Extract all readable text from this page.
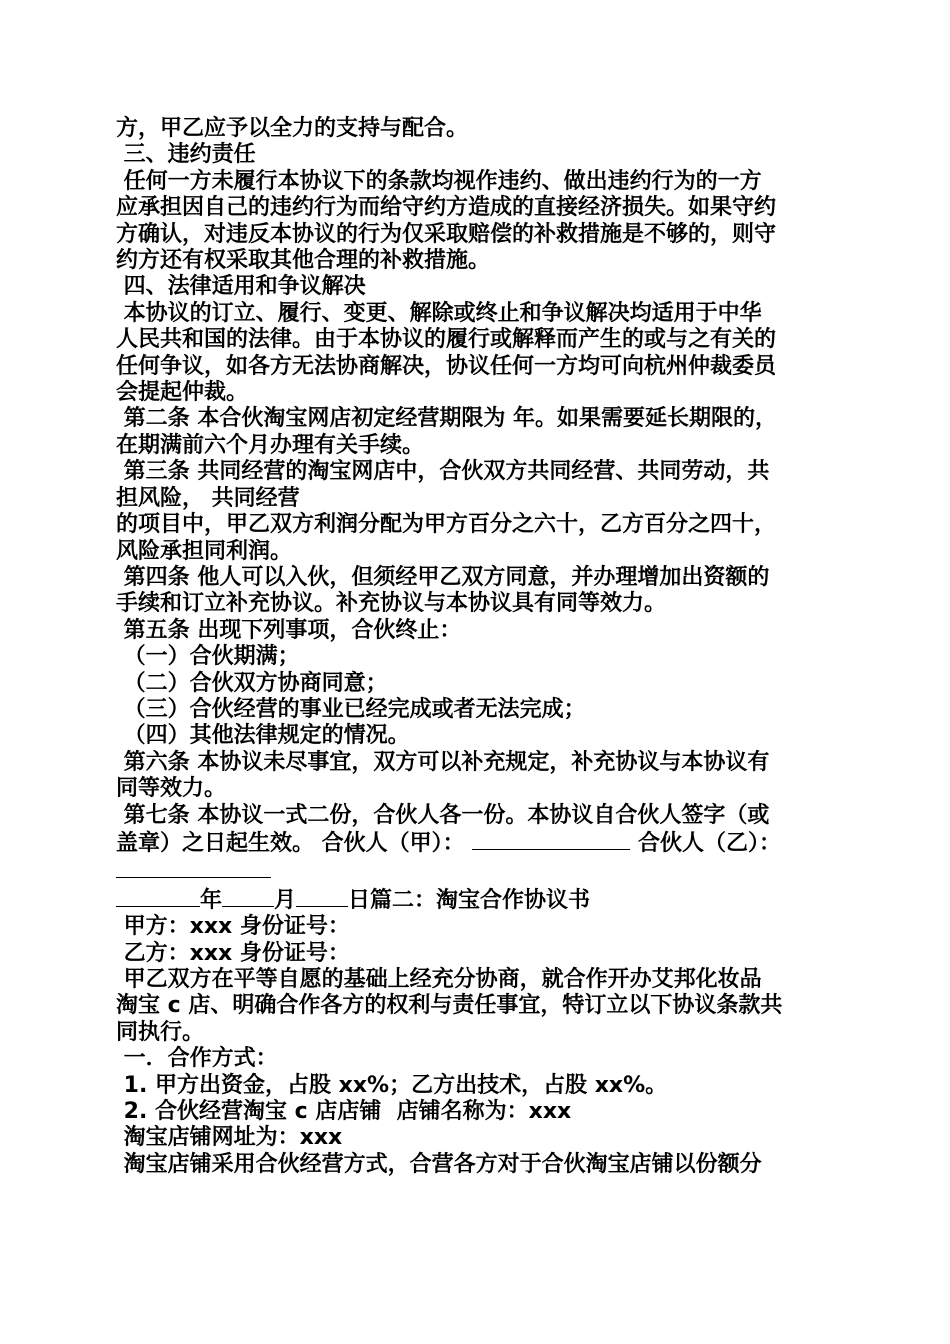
方，甲乙应予以全力的支持与配合。

三、违约责任

任何一方未履行本协议下的条款均视作违约、做出违约行为的一方

应承担因自己的违约行为而给守约方造成的直接经济损失。如果守约

方确认，对违反本协议的行为仅采取赔偿的补救措施是不够的，则守

约方还有权采取其他合理的补救措施。

四、法律适用和争议解决

本协议的订立、履行、变更、解除或终止和争议解决均适用于中华

人民共和国的法律。由于本协议的履行或解释而产生的或与之有关的

任何争议，如各方无法协商解决，协议任何一方均可向杭州仲裁委员

会提起仲裁。

第二条 本合伙淘宝网店初定经营期限为 年。如果需要延长期限的，

在期满前六个月办理有关手续。

第三条 共同经营的淘宝网店中，合伙双方共同经营、共同劳动，共

担风险， 共同经营

的项目中，甲乙双方利润分配为甲方百分之六十，乙方百分之四十，

风险承担同利润。

第四条 他人可以入伙，但须经甲乙双方同意，并办理增加出资额的

手续和订立补充协议。补充协议与本协议具有同等效力。

第五条 出现下列事项，合伙终止：

（一）合伙期满；

（二）合伙双方协商同意；

（三）合伙经营的事业已经完成或者无法完成；

（四）其他法律规定的情况。

第六条 本协议未尽事宜，双方可以补充规定，补充协议与本协议有

同等效力。

第七条 本协议一式二份，合伙人各一份。本协议自合伙人签字（或

盖章）之日起生效。 合伙人（甲）：	合伙人（乙）：

年 月 日篇二：淘宝合作协议书

甲方：xxx 身份证号：

乙方：xxx 身份证号：

甲乙双方在平等自愿的基础上经充分协商，就合作开办艾邦化妆品

淘宝 c 店、明确合作各方的权利与责任事宜，特订立以下协议条款共

同执行。

一．合作方式：

1. 甲方出资金，占股 xx%；乙方出技术，占股 xx%。

2. 合伙经营淘宝 c 店店铺  店铺名称为：xxx

淘宝店铺网址为：xxx

淘宝店铺采用合伙经营方式，合营各方对于合伙淘宝店铺以份额分
